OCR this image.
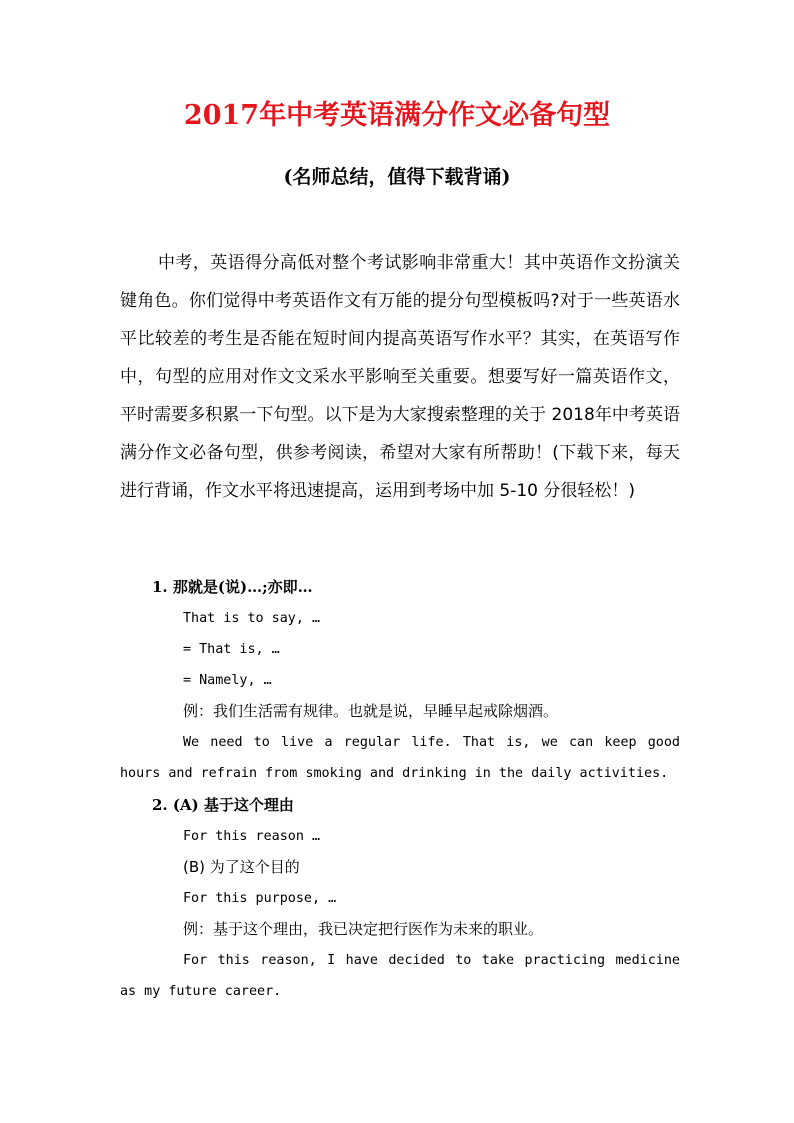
2017年中考英语满分作文必备句型

(名师总结，值得下载背诵)

中考，英语得分高低对整个考试影响非常重大！其中英语作文扮演关键角色。你们觉得中考英语作文有万能的提分句型模板吗?对于一些英语水平比较差的考生是否能在短时间内提高英语写作水平？其实，在英语写作中，句型的应用对作文文采水平影响至关重要。想要写好一篇英语作文，平时需要多积累一下句型。以下是为大家搜索整理的关于 2018年中考英语满分作文必备句型，供参考阅读，希望对大家有所帮助！(下载下来，每天进行背诵，作文水平将迅速提高，运用到考场中加 5-10 分很轻松！)

1. 那就是(说)…;亦即…

That is to say, …

= That is, …

= Namely, …

例：我们生活需有规律。也就是说，早睡早起戒除烟酒。

We need to live a regular life. That is, we can keep good hours and refrain from smoking and drinking in the daily activities.

2. (A) 基于这个理由

For this reason …

(B) 为了这个目的

For this purpose, …

例：基于这个理由，我已决定把行医作为未来的职业。

For this reason, I have decided to take practicing medicine as my future career.
